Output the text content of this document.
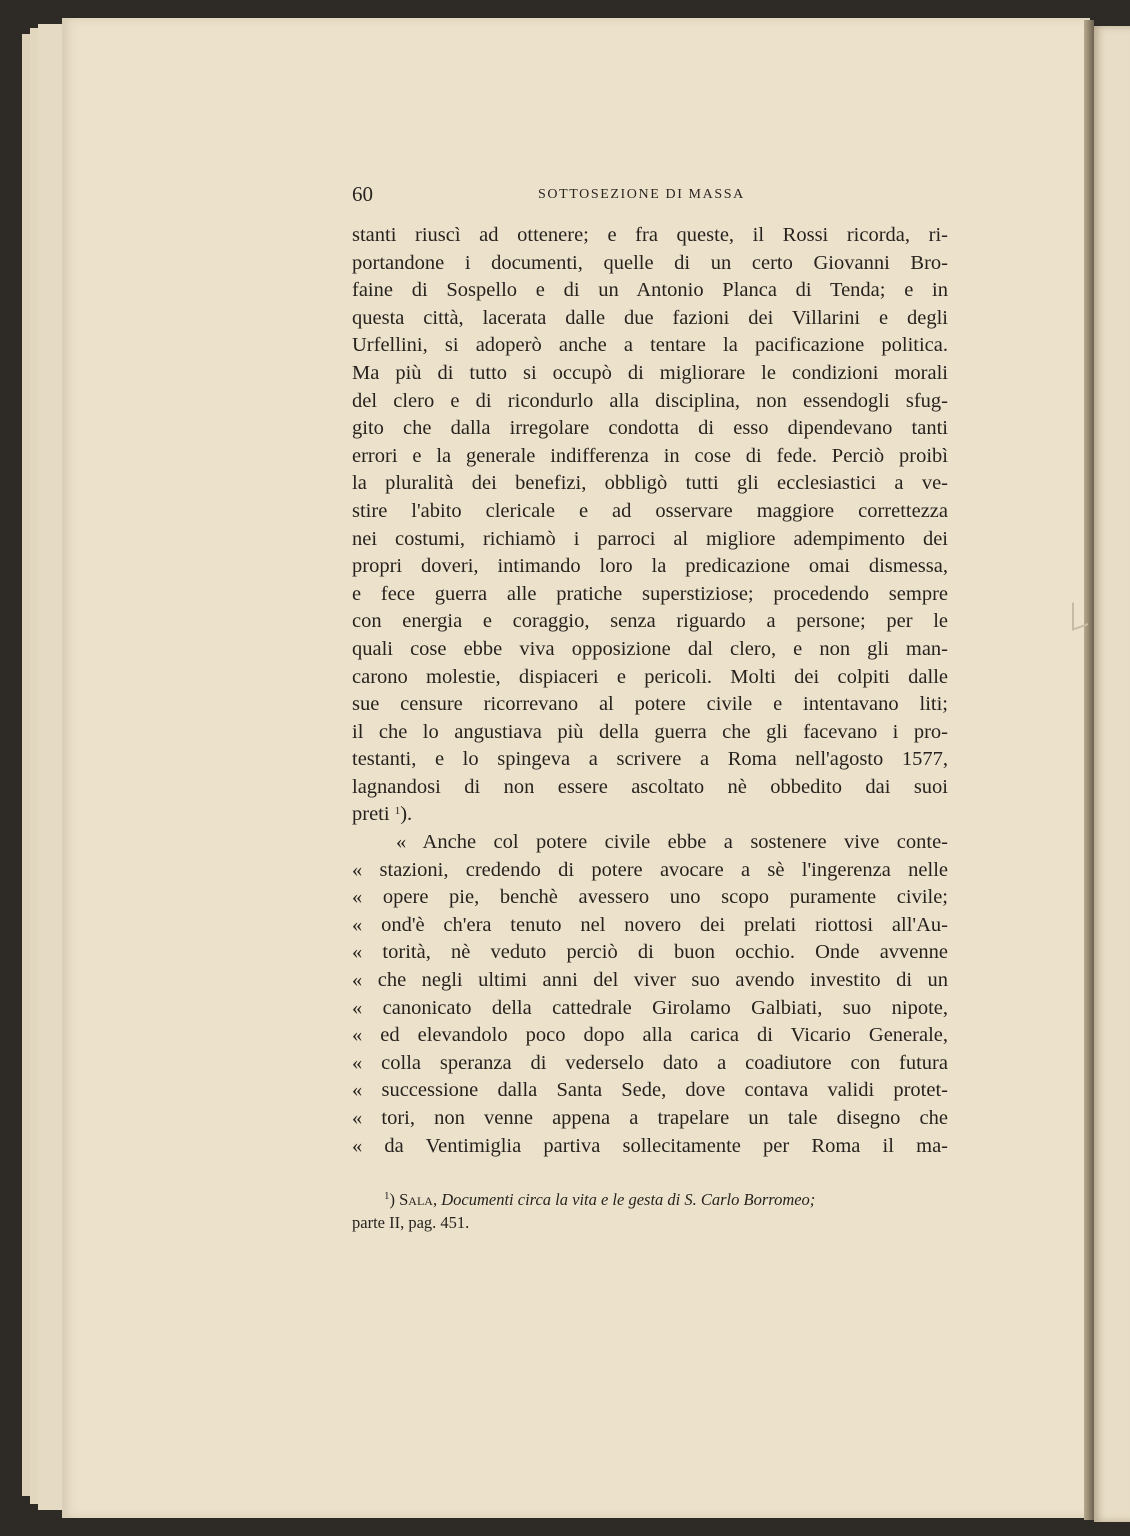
60	SOTTOSEZIONE DI MASSA
stanti riuscì ad ottenere; e fra queste, il Rossi ricorda, ri-
portandone i documenti, quelle di un certo Giovanni Bro-
faine di Sospello e di un Antonio Planca di Tenda; e in
questa città, lacerata dalle due fazioni dei Villarini e degli
Urfellini, si adoperò anche a tentare la pacificazione politica.
Ma più di tutto si occupò di migliorare le condizioni morali
del clero e di ricondurlo alla disciplina, non essendogli sfug-
gito che dalla irregolare condotta di esso dipendevano tanti
errori e la generale indifferenza in cose di fede. Perciò proibì
la pluralità dei benefizi, obbligò tutti gli ecclesiastici a ve-
stire l'abito clericale e ad osservare maggiore correttezza
nei costumi, richiamò i parroci al migliore adempimento dei
propri doveri, intimando loro la predicazione omai dismessa,
e fece guerra alle pratiche superstiziose; procedendo sempre
con energia e coraggio, senza riguardo a persone; per le
quali cose ebbe viva opposizione dal clero, e non gli man-
carono molestie, dispiaceri e pericoli. Molti dei colpiti dalle
sue censure ricorrevano al potere civile e intentavano liti;
il che lo angustiava più della guerra che gli facevano i pro-
testanti, e lo spingeva a scrivere a Roma nell'agosto 1577,
lagnandosi di non essere ascoltato nè obbedito dai suoi
preti $^1$).
« Anche col potere civile ebbe a sostenere vive conte-
« stazioni, credendo di potere avocare a sè l'ingerenza nelle
« opere pie, benchè avessero uno scopo puramente civile;
« ond'è ch'era tenuto nel novero dei prelati riottosi all'Au-
« torità, nè veduto perciò di buon occhio. Onde avvenne
« che negli ultimi anni del viver suo avendo investito di un
« canonicato della cattedrale Girolamo Galbiati, suo nipote,
« ed elevandolo poco dopo alla carica di Vicario Generale,
« colla speranza di vederselo dato a coadiutore con futura
« successione dalla Santa Sede, dove contava validi protet-
« tori, non venne appena a trapelare un tale disegno che
« da Ventimiglia partiva sollecitamente per Roma il ma-
$^1$) Sala, Documenti circa la vita e le gesta di S. Carlo Borromeo;
parte II, pag. 451.
